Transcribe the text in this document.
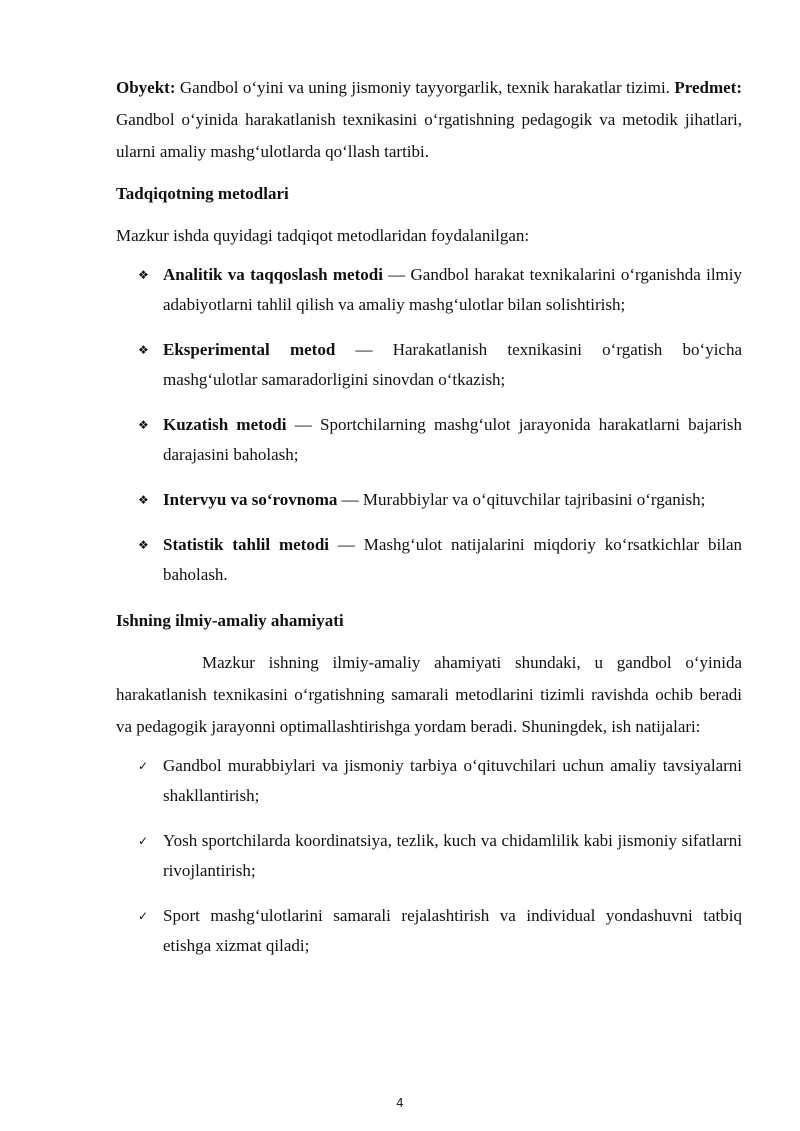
Obyekt: Gandbol o‘yini va uning jismoniy tayyorgarlik, texnik harakatlar tizimi. Predmet: Gandbol o‘yinida harakatlanish texnikasini o‘rgatishning pedagogik va metodik jihatlari, ularni amaliy mashg‘ulotlarda qo‘llash tartibi.

Tadqiqotning metodlari

Mazkur ishda quyidagi tadqiqot metodlaridan foydalanilgan:

❖ Analitik va taqqoslash metodi — Gandbol harakat texnikalarini o‘rganishda ilmiy adabiyotlarni tahlil qilish va amaliy mashg‘ulotlar bilan solishtirish;
❖ Eksperimental metod — Harakatlanish texnikasini o‘rgatish bo‘yicha mashg‘ulotlar samaradorligini sinovdan o‘tkazish;
❖ Kuzatish metodi — Sportchilarning mashg‘ulot jarayonida harakatlarni bajarish darajasini baholash;
❖ Intervyu va so‘rovnoma — Murabbiylar va o‘qituvchilar tajribasini o‘rganish;
❖ Statistik tahlil metodi — Mashg‘ulot natijalarini miqdoriy ko‘rsatkichlar bilan baholash.
Ishning ilmiy-amaliy ahamiyati

Mazkur ishning ilmiy-amaliy ahamiyati shundaki, u gandbol o‘yinida harakatlanish texnikasini o‘rgatishning samarali metodlarini tizimli ravishda ochib beradi va pedagogik jarayonni optimallashtirishga yordam beradi. Shuningdek, ish natijalari:

✓ Gandbol murabbiylari va jismoniy tarbiya o‘qituvchilari uchun amaliy tavsiyalarni shakllantirish;
✓ Yosh sportchilarda koordinatsiya, tezlik, kuch va chidamlilik kabi jismoniy sifatlarni rivojlantirish;
✓ Sport mashg‘ulotlarini samarali rejalashtirish va individual yondashuvni tatbiq etishga xizmat qiladi;
4
